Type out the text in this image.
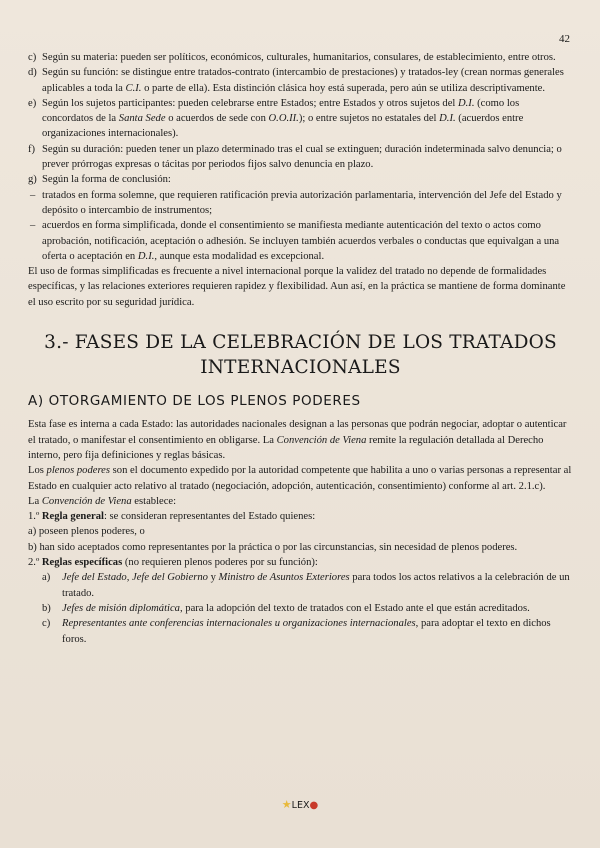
42

c) Según su materia: pueden ser políticos, económicos, culturales, humanitarios, consulares, de establecimiento, entre otros.

d) Según su función: se distingue entre tratados-contrato (intercambio de prestaciones) y tratados-ley (crean normas generales aplicables a toda la C.I. o parte de ella). Esta distinción clásica hoy está superada, pero aún se utiliza descriptivamente.

e) Según los sujetos participantes: pueden celebrarse entre Estados; entre Estados y otros sujetos del D.I. (como los concordatos de la Santa Sede o acuerdos de sede con O.O.II.); o entre sujetos no estatales del D.I. (acuerdos entre organizaciones internacionales).

f) Según su duración: pueden tener un plazo determinado tras el cual se extinguen; duración indeterminada salvo denuncia; o prever prórrogas expresas o tácitas por periodos fijos salvo denuncia en plazo.

g) Según la forma de conclusión:

– tratados en forma solemne, que requieren ratificación previa autorización parlamentaria, intervención del Jefe del Estado y depósito o intercambio de instrumentos;

– acuerdos en forma simplificada, donde el consentimiento se manifiesta mediante autenticación del texto o actos como aprobación, notificación, aceptación o adhesión. Se incluyen también acuerdos verbales o conductas que equivalgan a una oferta o aceptación en D.I., aunque esta modalidad es excepcional.

El uso de formas simplificadas es frecuente a nivel internacional porque la validez del tratado no depende de formalidades específicas, y las relaciones exteriores requieren rapidez y flexibilidad. Aun así, en la práctica se mantiene de forma dominante el uso escrito por su seguridad jurídica.

3.- FASES DE LA CELEBRACIÓN DE LOS TRATADOS
INTERNACIONALES
A) OTORGAMIENTO DE LOS PLENOS PODERES

Esta fase es interna a cada Estado: las autoridades nacionales designan a las personas que podrán negociar, adoptar o autenticar el tratado, o manifestar el consentimiento en obligarse. La Convención de Viena remite la regulación detallada al Derecho interno, pero fija definiciones y reglas básicas.

Los plenos poderes son el documento expedido por la autoridad competente que habilita a uno o varias personas a representar al Estado en cualquier acto relativo al tratado (negociación, adopción, autenticación, consentimiento) conforme al art. 2.1.c).

La Convención de Viena establece:

1.º Regla general: se consideran representantes del Estado quienes:

a) poseen plenos poderes, o

b) han sido aceptados como representantes por la práctica o por las circunstancias, sin necesidad de plenos poderes.

2.º Reglas específicas (no requieren plenos poderes por su función):

a) Jefe del Estado, Jefe del Gobierno y Ministro de Asuntos Exteriores para todos los actos relativos a la celebración de un tratado.

b) Jefes de misión diplomática, para la adopción del texto de tratados con el Estado ante el que están acreditados.

c) Representantes ante conferencias internacionales u organizaciones internacionales, para adoptar el texto en dichos foros.

★LEX●
